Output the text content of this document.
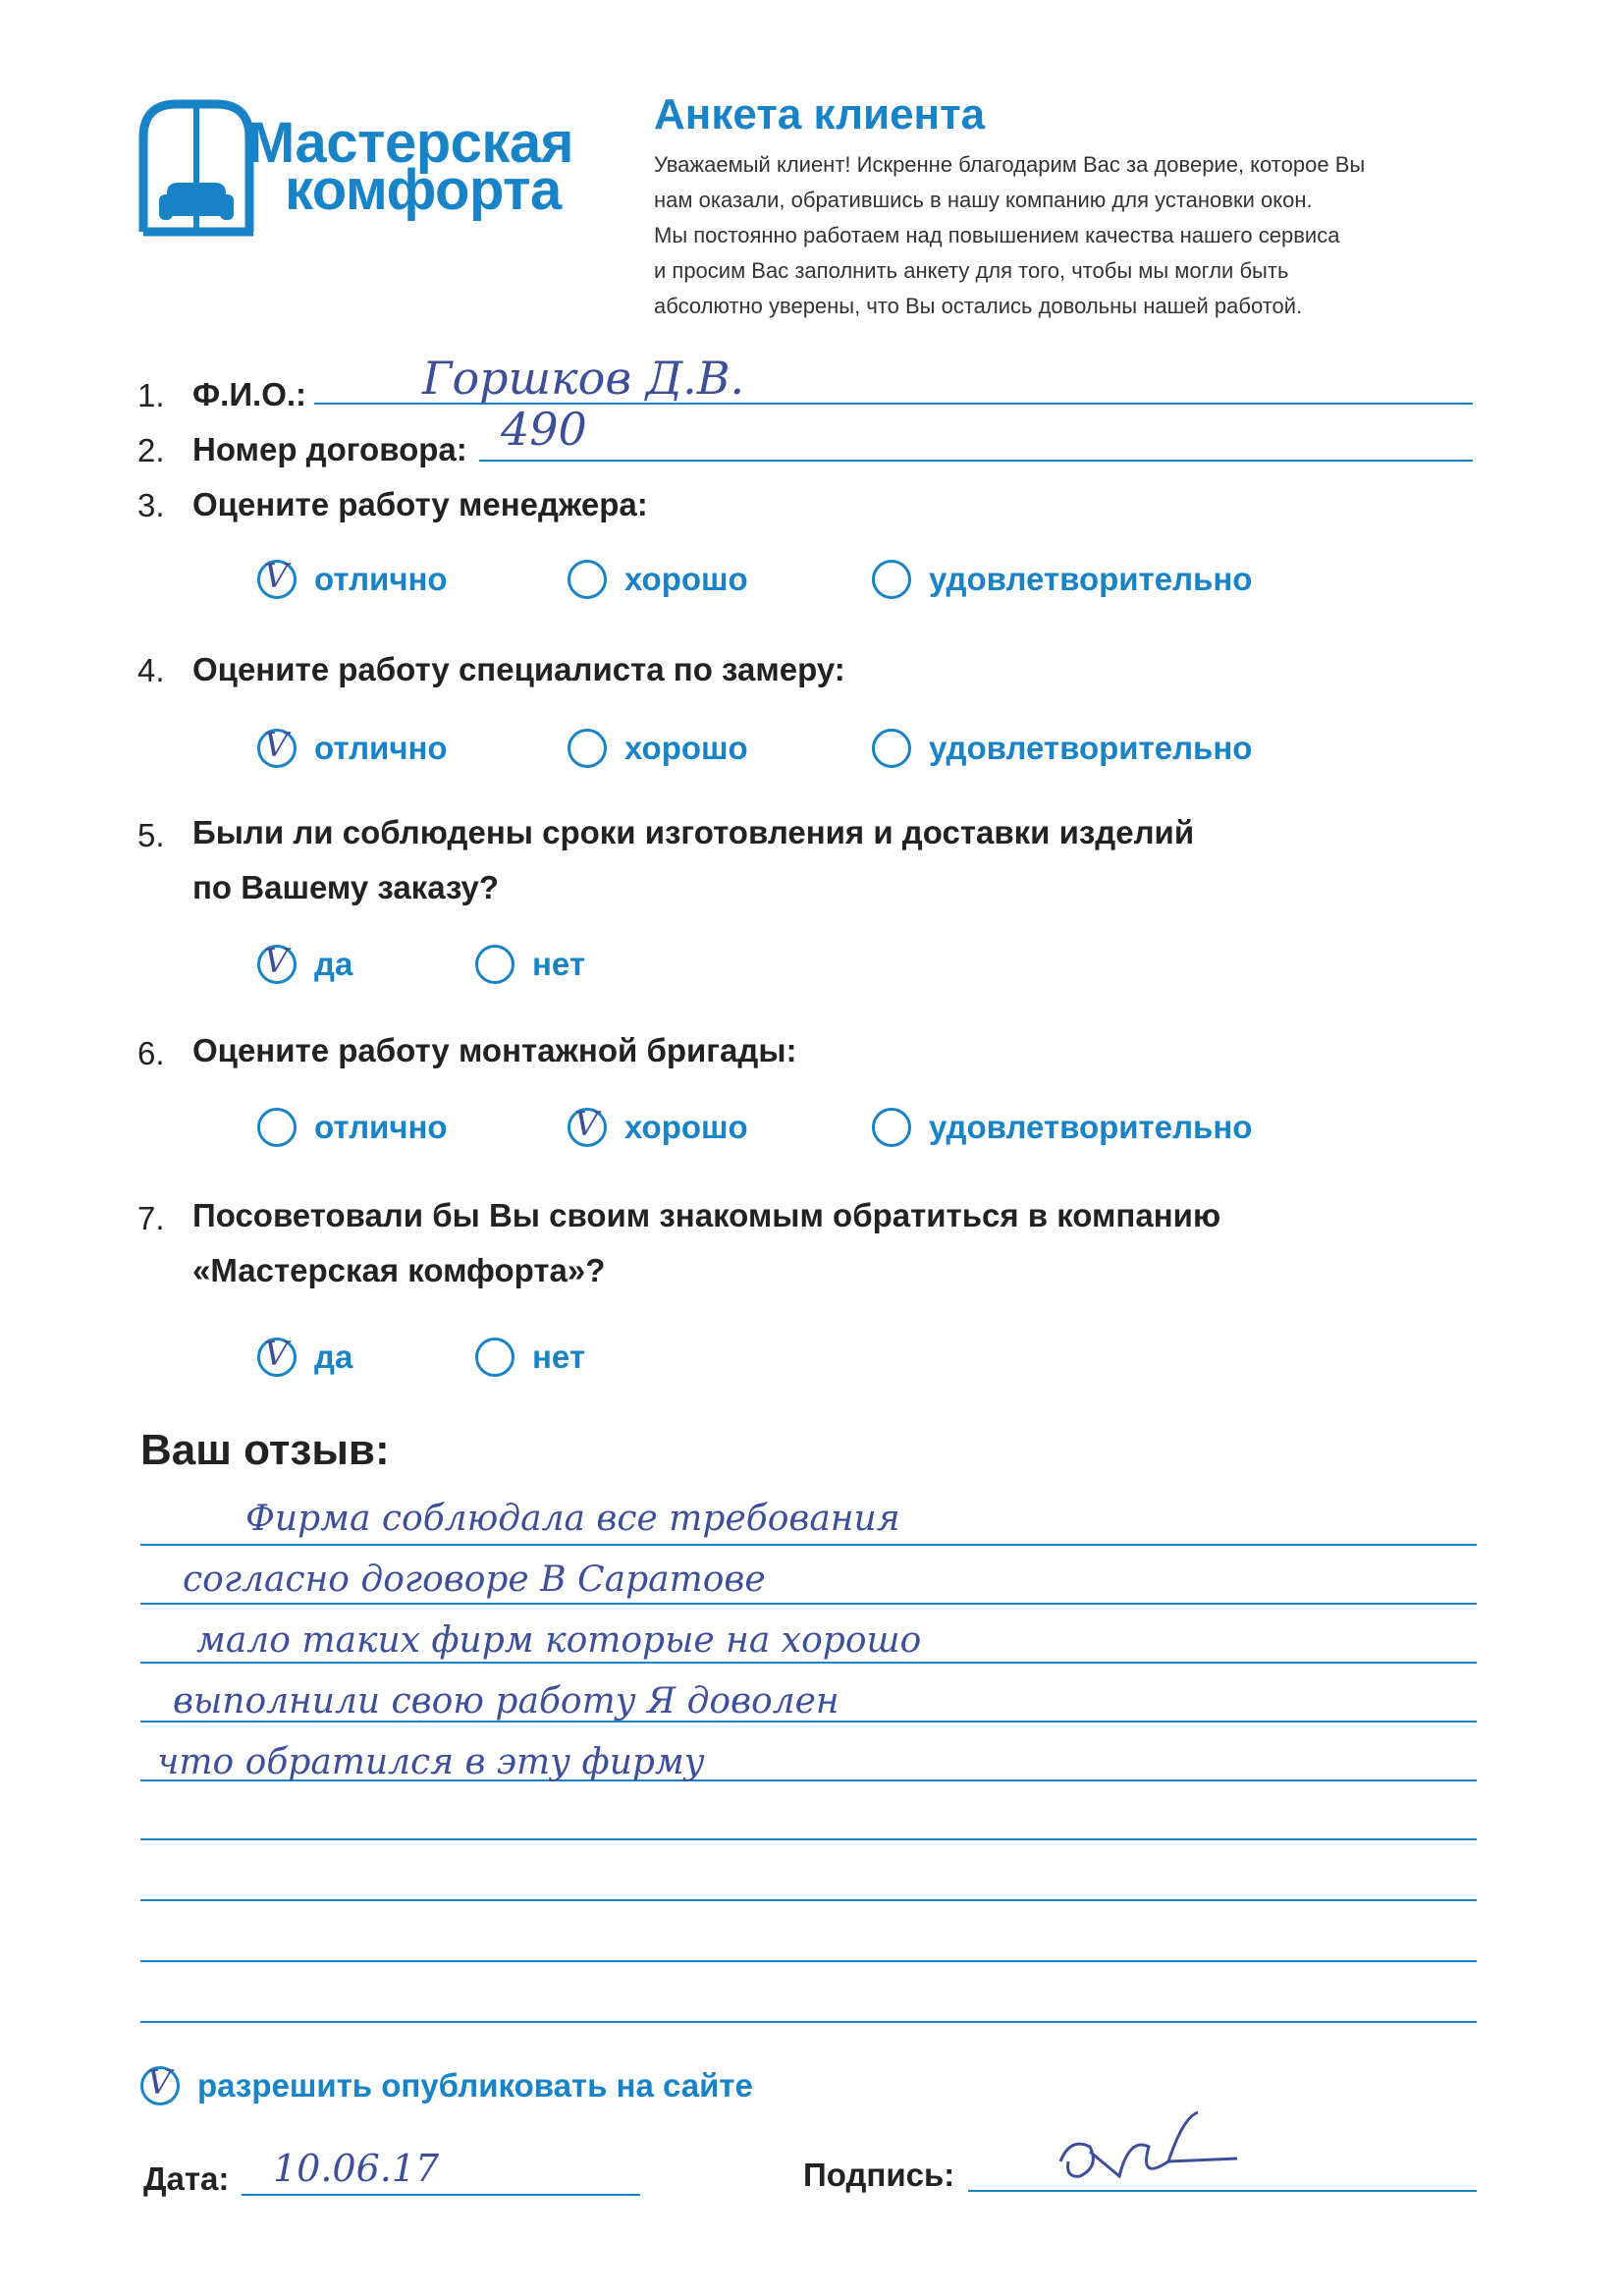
Мастерская
комфорта
Анкета клиента
Уважаемый клиент! Искренне благодарим Вас за доверие, которое Вы
нам оказали, обратившись в нашу компанию для установки окон.
Мы постоянно работаем над повышением качества нашего сервиса
и просим Вас заполнить анкету для того, чтобы мы могли быть
абсолютно уверены, что Вы остались довольны нашей работой.
1. Ф.И.О.:	Горшков Д.В.
2. Номер договора: 490
3. Оцените работу менеджера:
V отлично	хорошо	удовлетворительно
4. Оцените работу специалиста по замеру:
V отлично	хорошо	удовлетворительно
5. Были ли соблюдены сроки изготовления и доставки изделий
по Вашему заказу?
V да	нет
6. Оцените работу монтажной бригады:
отлично	V хорошо	удовлетворительно
7. Посоветовали бы Вы своим знакомым обратиться в компанию
«Мастерская комфорта»?
V да	нет
Ваш отзыв:
Фирма соблюдала все требования
согласно договоре В Саратове
мало таких фирм которые на хорошо
выполнили свою работу Я доволен
что обратился в эту фирму
V разрешить опубликовать на сайте
Дата: 10.06.17	Подпись:
